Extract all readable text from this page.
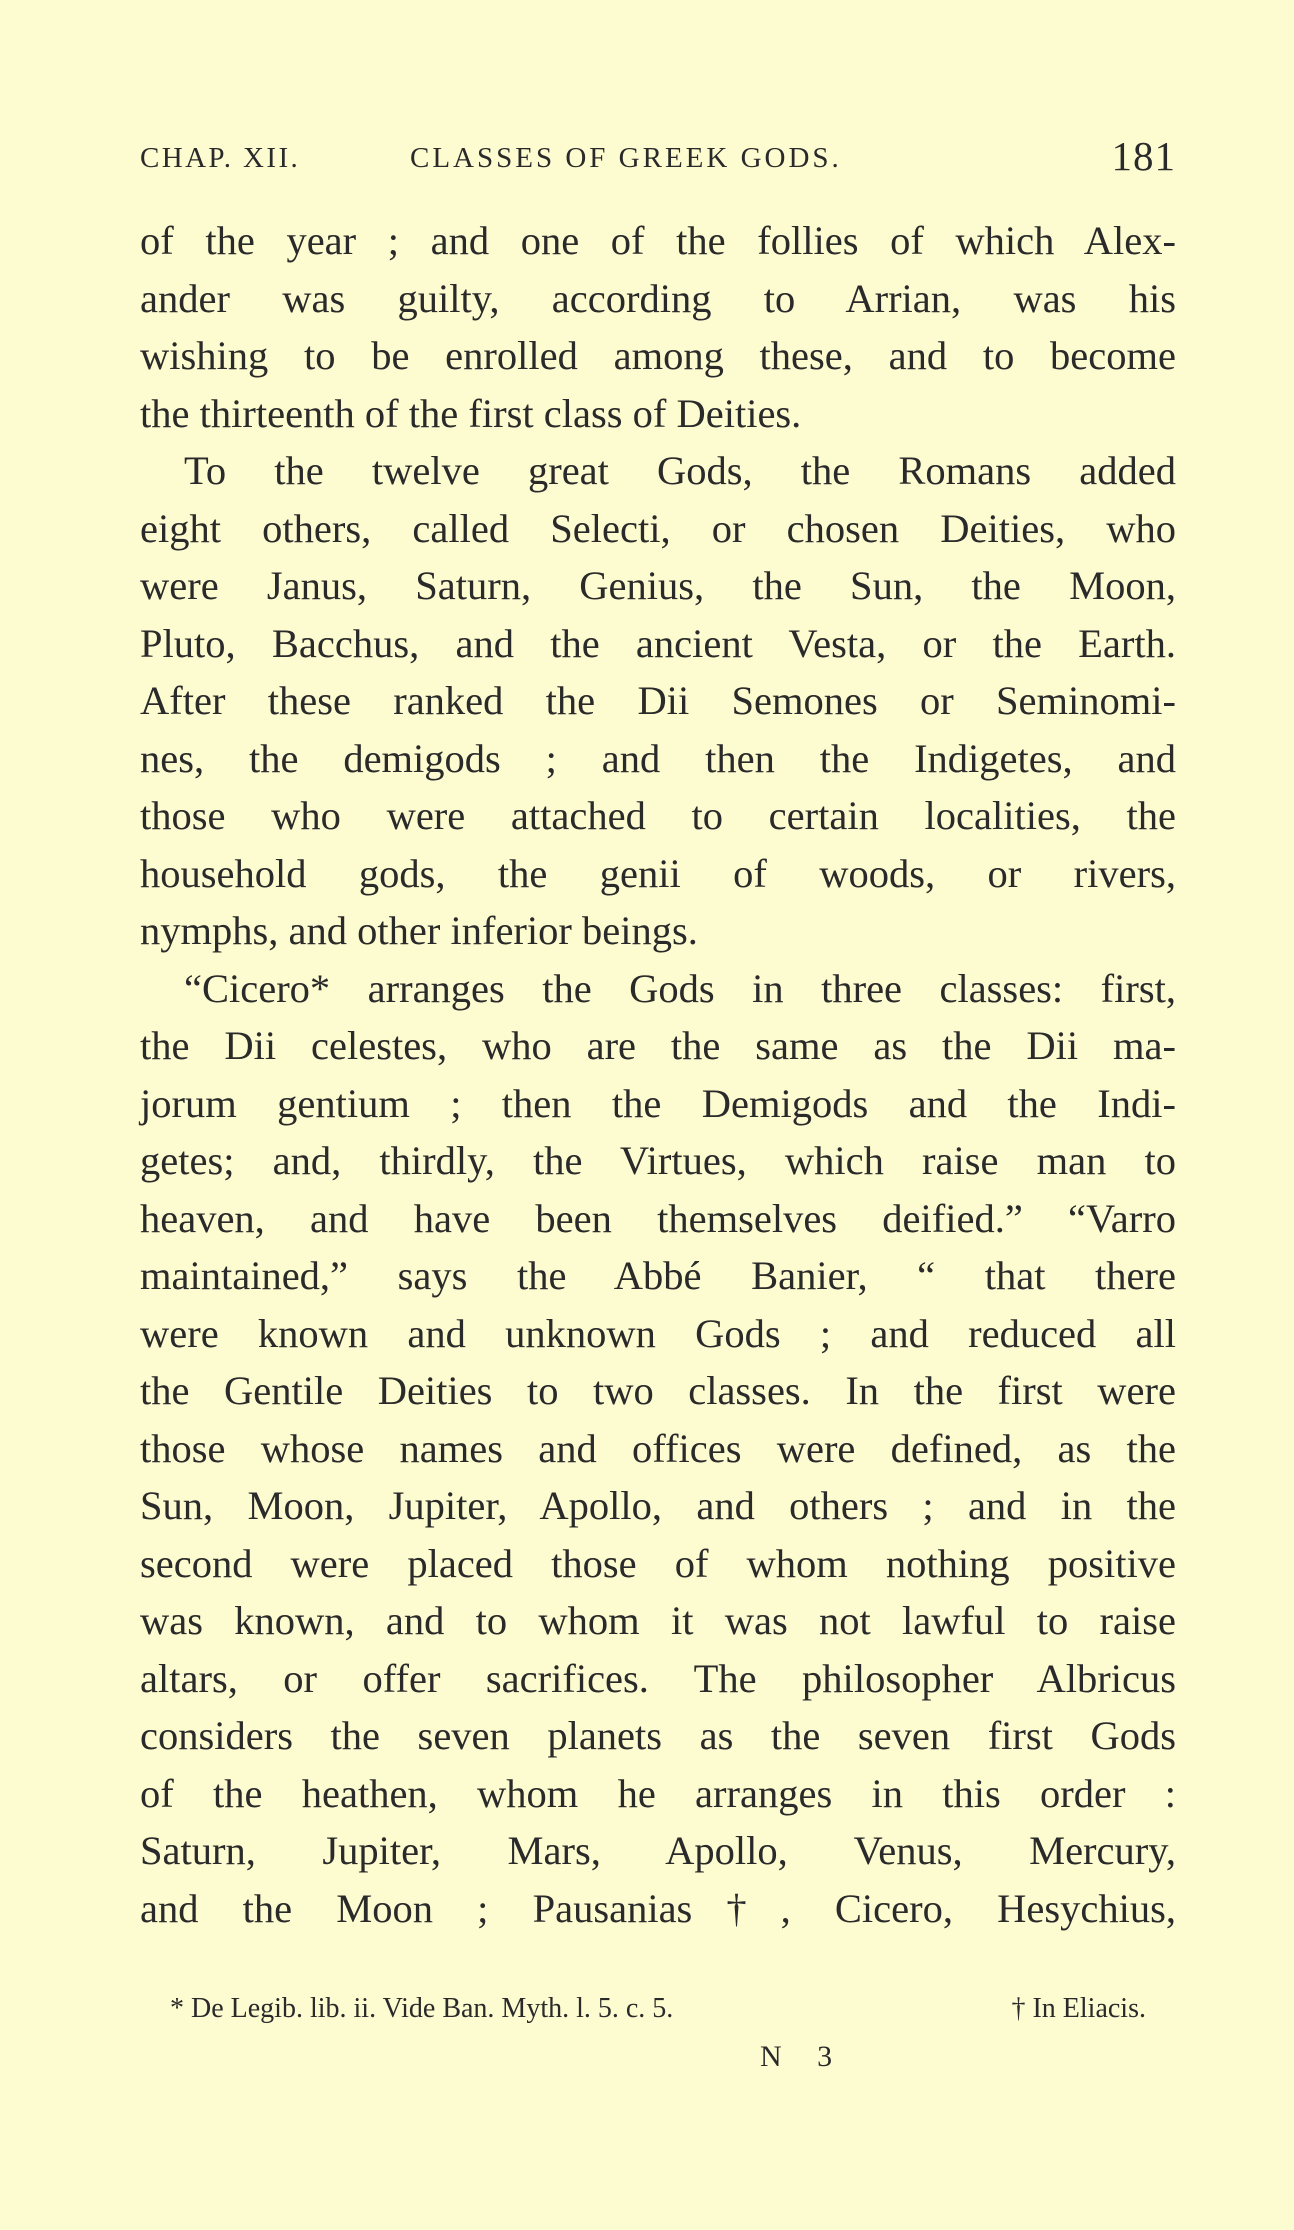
CHAP. XII.	CLASSES OF GREEK GODS.	181
of the year ; and one of the follies of which Alex-
ander was guilty, according to Arrian, was his
wishing to be enrolled among these, and to become
the thirteenth of the first class of Deities.
To the twelve great Gods, the Romans added
eight others, called Selecti, or chosen Deities, who
were Janus, Saturn, Genius, the Sun, the Moon,
Pluto, Bacchus, and the ancient Vesta, or the Earth.
After these ranked the Dii Semones or Seminomi-
nes, the demigods ; and then the Indigetes, and
those who were attached to certain localities, the
household gods, the genii of woods, or rivers,
nymphs, and other inferior beings.
“Cicero* arranges the Gods in three classes: first,
the Dii celestes, who are the same as the Dii ma-
jorum gentium ; then the Demigods and the Indi-
getes; and, thirdly, the Virtues, which raise man to
heaven, and have been themselves deified.” “Varro
maintained,” says the Abbé Banier, “ that there
were known and unknown Gods ; and reduced all
the Gentile Deities to two classes. In the first were
those whose names and offices were defined, as the
Sun, Moon, Jupiter, Apollo, and others ; and in the
second were placed those of whom nothing positive
was known, and to whom it was not lawful to raise
altars, or offer sacrifices. The philosopher Albricus
considers the seven planets as the seven first Gods
of the heathen, whom he arranges in this order :
Saturn, Jupiter, Mars, Apollo, Venus, Mercury,
and the Moon ; Pausanias†, Cicero, Hesychius,
* De Legib. lib. ii. Vide Ban. Myth. l. 5. c. 5.	† In Eliacis.
N 3
